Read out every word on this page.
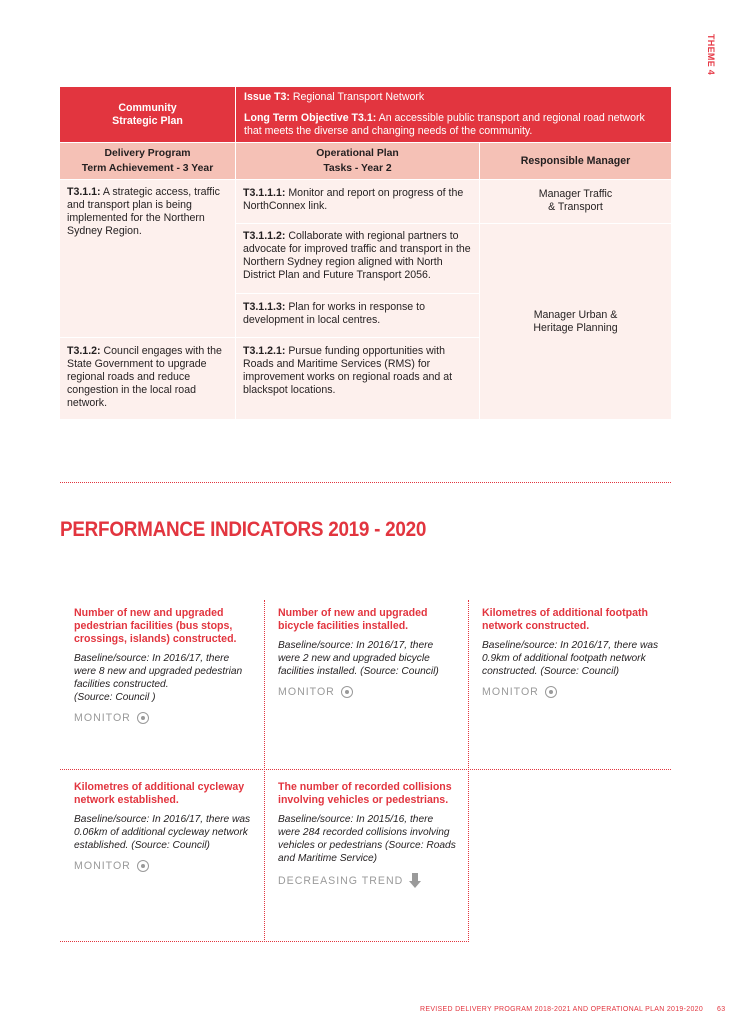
THEME 4
Community
Strategic Plan
Issue T3: Regional Transport Network
Long Term Objective T3.1: An accessible public transport and regional road network that meets the diverse and changing needs of the community.
Delivery Program
Term Achievement - 3 Year
Operational Plan
Tasks - Year 2
Responsible Manager
T3.1.1: A strategic access, traffic and transport plan is being implemented for the Northern Sydney Region.
T3.1.2: Council engages with the State Government to upgrade regional roads and reduce congestion in the local road network.
T3.1.1.1: Monitor and report on progress of the NorthConnex link.
T3.1.1.2: Collaborate with regional partners to advocate for improved traffic and transport in the Northern Sydney region aligned with North District Plan and Future Transport 2056.
T3.1.1.3: Plan for works in response to development in local centres.
T3.1.2.1: Pursue funding opportunities with Roads and Maritime Services (RMS) for improvement works on regional roads and at blackspot locations.
Manager Traffic
& Transport
Manager Urban &
Heritage Planning
PERFORMANCE INDICATORS 2019 - 2020
Number of new and upgraded pedestrian facilities (bus stops, crossings, islands) constructed.
Baseline/source: In 2016/17, there were 8 new and upgraded pedestrian facilities constructed.
(Source: Council )
MONITOR
Number of new and upgraded bicycle facilities installed.
Baseline/source: In 2016/17, there were 2 new and upgraded bicycle facilities installed. (Source: Council)
MONITOR
Kilometres of additional footpath network constructed.
Baseline/source: In 2016/17, there was 0.9km of additional footpath network constructed. (Source: Council)
MONITOR
Kilometres of additional cycleway network established.
Baseline/source: In 2016/17, there was 0.06km of additional cycleway network established. (Source: Council)
MONITOR
The number of recorded collisions involving vehicles or pedestrians.
Baseline/source: In 2015/16, there were 284 recorded collisions involving vehicles or pedestrians (Source: Roads and Maritime Service)
DECREASING TREND
REVISED DELIVERY PROGRAM 2018-2021 AND OPERATIONAL PLAN 2019-2020 63
